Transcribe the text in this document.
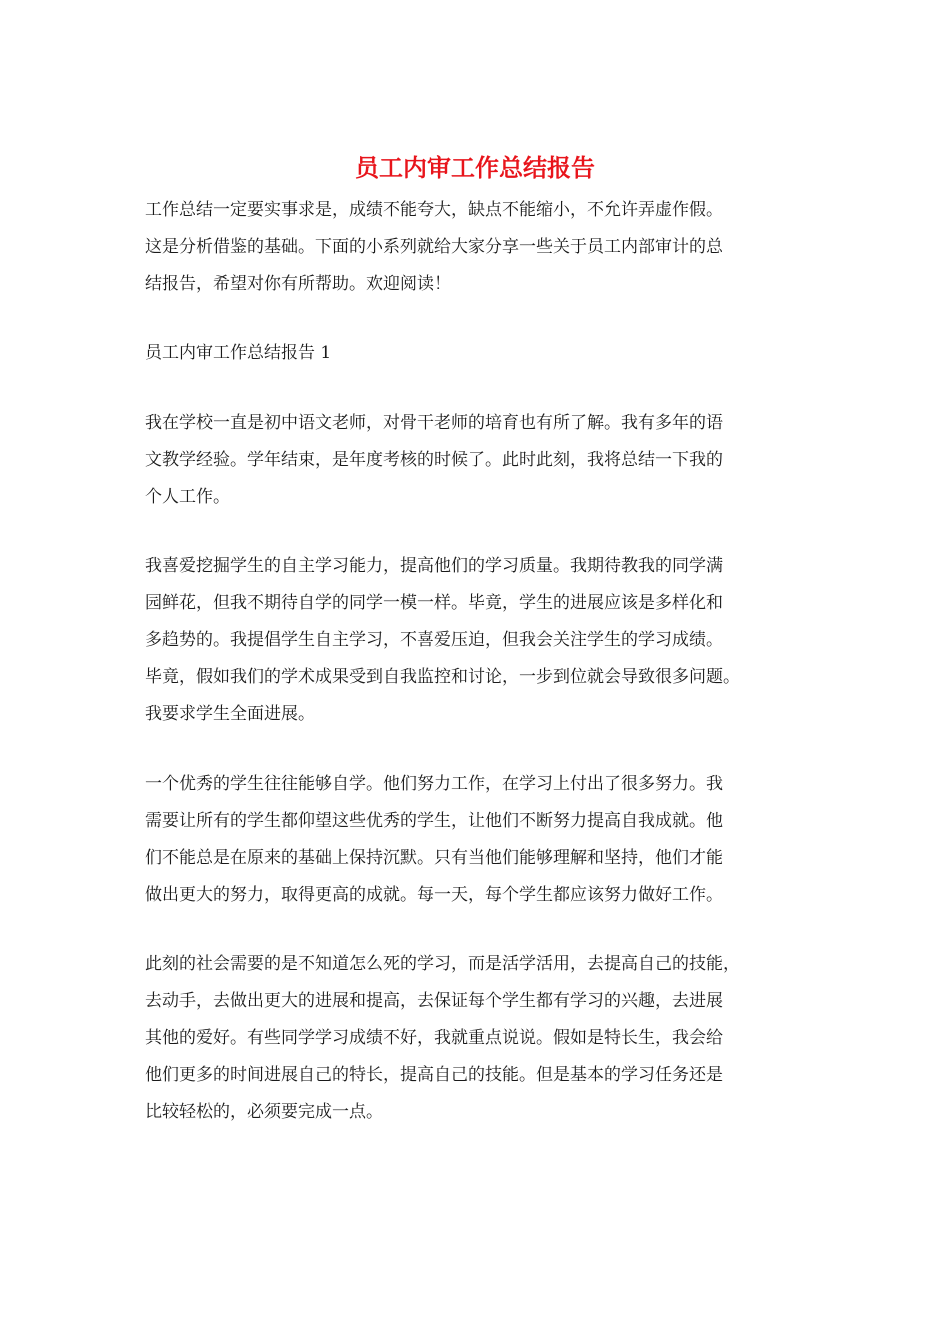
员工内审工作总结报告

工作总结一定要实事求是，成绩不能夸大，缺点不能缩小，不允许弄虚作假。
这是分析借鉴的基础。下面的小系列就给大家分享一些关于员工内部审计的总
结报告，希望对你有所帮助。欢迎阅读！

员工内审工作总结报告 1

我在学校一直是初中语文老师，对骨干老师的培育也有所了解。我有多年的语
文教学经验。学年结束，是年度考核的时候了。此时此刻，我将总结一下我的
个人工作。

我喜爱挖掘学生的自主学习能力，提高他们的学习质量。我期待教我的同学满
园鲜花，但我不期待自学的同学一模一样。毕竟，学生的进展应该是多样化和
多趋势的。我提倡学生自主学习，不喜爱压迫，但我会关注学生的学习成绩。
毕竟，假如我们的学术成果受到自我监控和讨论，一步到位就会导致很多问题。
我要求学生全面进展。

一个优秀的学生往往能够自学。他们努力工作，在学习上付出了很多努力。我
需要让所有的学生都仰望这些优秀的学生，让他们不断努力提高自我成就。他
们不能总是在原来的基础上保持沉默。只有当他们能够理解和坚持，他们才能
做出更大的努力，取得更高的成就。每一天，每个学生都应该努力做好工作。

此刻的社会需要的是不知道怎么死的学习，而是活学活用，去提高自己的技能，
去动手，去做出更大的进展和提高，去保证每个学生都有学习的兴趣，去进展
其他的爱好。有些同学学习成绩不好，我就重点说说。假如是特长生，我会给
他们更多的时间进展自己的特长，提高自己的技能。但是基本的学习任务还是
比较轻松的，必须要完成一点。
